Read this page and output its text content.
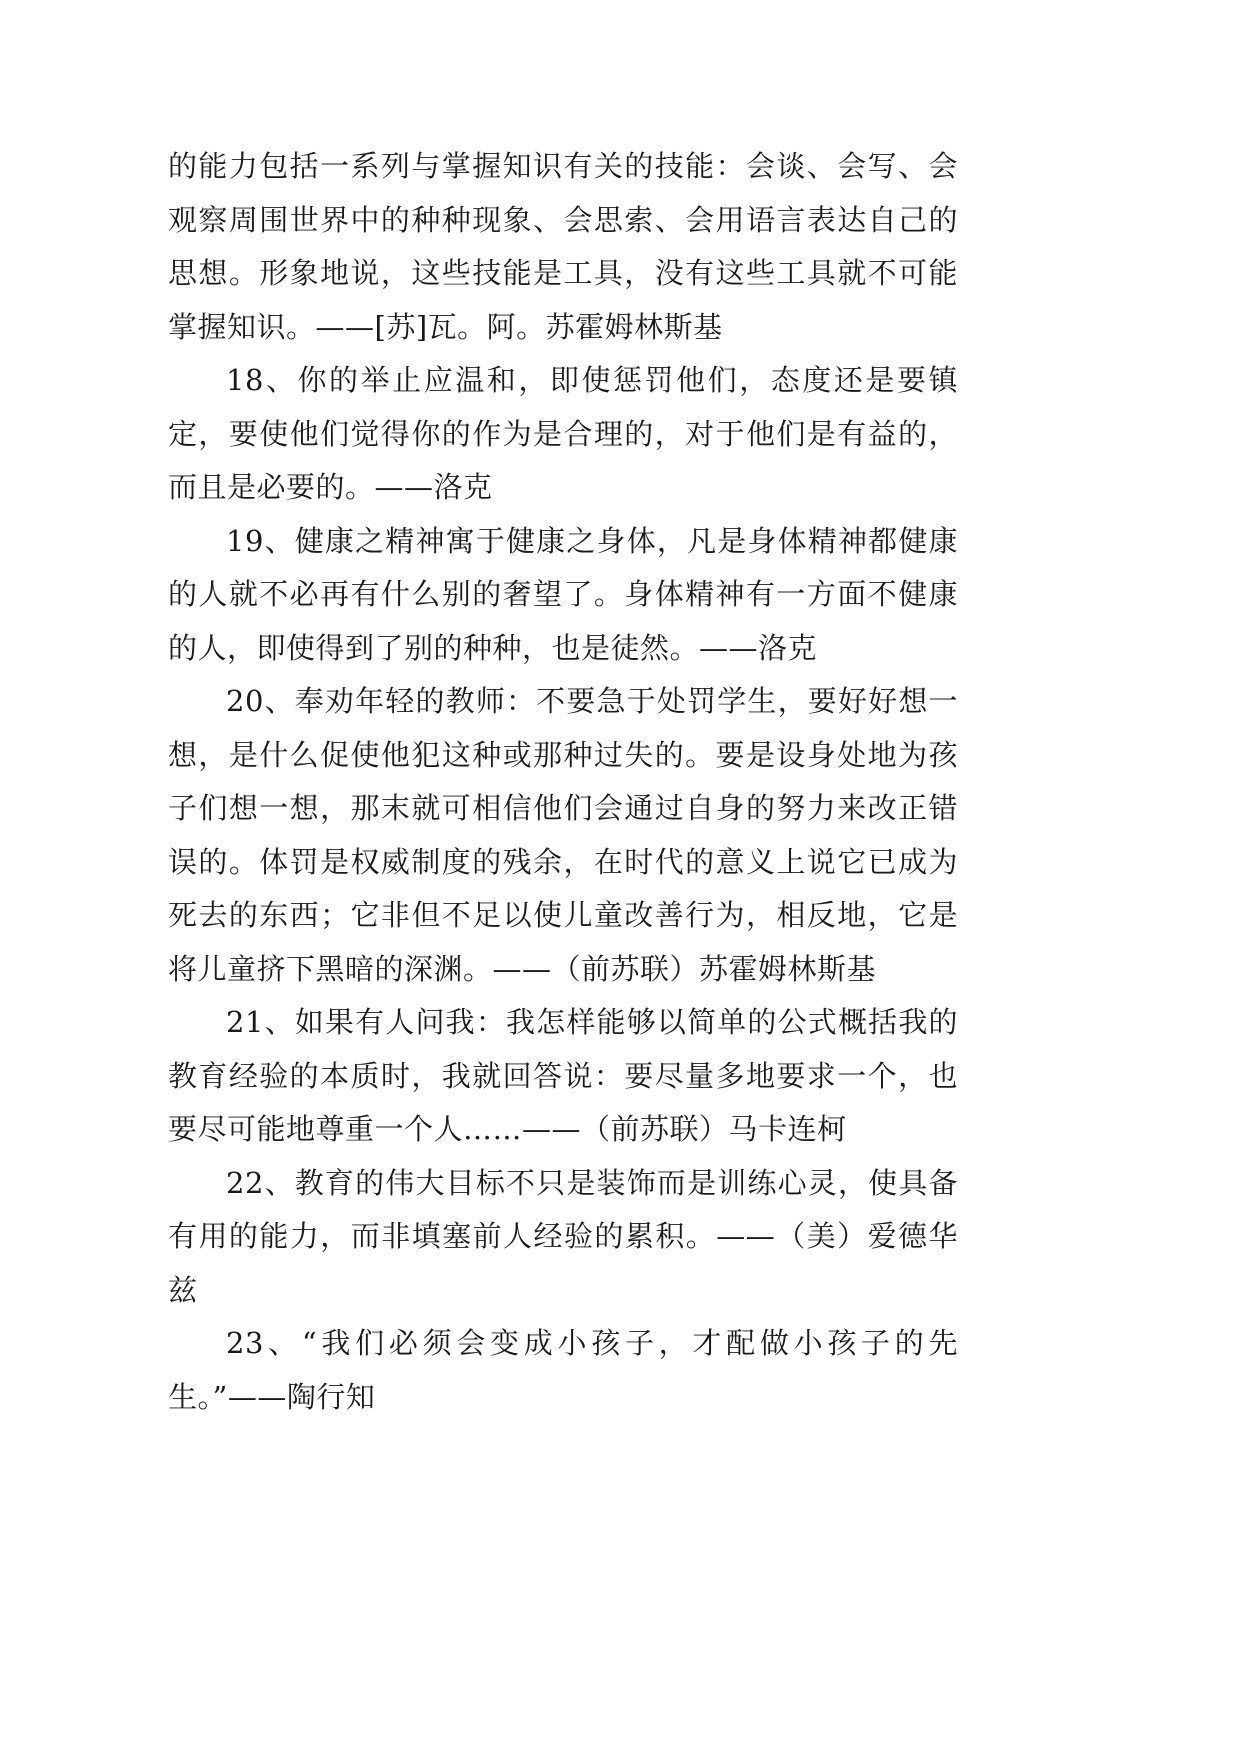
的能力包括一系列与掌握知识有关的技能：会谈、会写、会观察周围世界中的种种现象、会思索、会用语言表达自己的思想。形象地说，这些技能是工具，没有这些工具就不可能掌握知识。——[苏]瓦。阿。苏霍姆林斯基

18、你的举止应温和，即使惩罚他们，态度还是要镇定，要使他们觉得你的作为是合理的，对于他们是有益的，而且是必要的。——洛克

19、健康之精神寓于健康之身体，凡是身体精神都健康的人就不必再有什么别的奢望了。身体精神有一方面不健康的人，即使得到了别的种种，也是徒然。——洛克

20、奉劝年轻的教师：不要急于处罚学生，要好好想一想，是什么促使他犯这种或那种过失的。要是设身处地为孩子们想一想，那末就可相信他们会通过自身的努力来改正错误的。体罚是权威制度的残余，在时代的意义上说它已成为死去的东西；它非但不足以使儿童改善行为，相反地，它是将儿童挤下黑暗的深渊。——（前苏联）苏霍姆林斯基

21、如果有人问我：我怎样能够以简单的公式概括我的教育经验的本质时，我就回答说：要尽量多地要求一个，也要尽可能地尊重一个人……——（前苏联）马卡连柯

22、教育的伟大目标不只是装饰而是训练心灵，使具备有用的能力，而非填塞前人经验的累积。——（美）爱德华兹

23、“我们必须会变成小孩子，才配做小孩子的先生。”——陶行知
